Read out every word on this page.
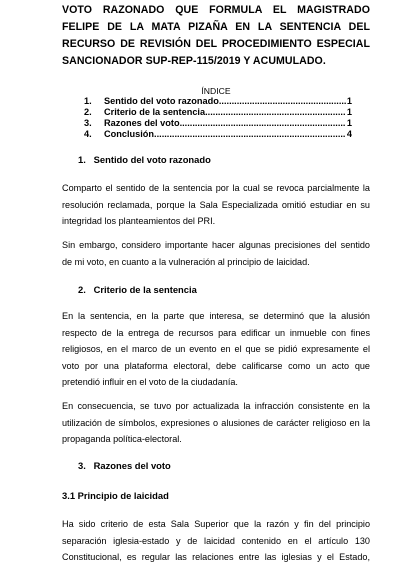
VOTO RAZONADO QUE FORMULA EL MAGISTRADO FELIPE DE LA MATA PIZAÑA EN LA SENTENCIA DEL RECURSO DE REVISIÓN DEL PROCEDIMIENTO ESPECIAL SANCIONADOR SUP-REP-115/2019 Y ACUMULADO.

ÍNDICE

1.	Sentido del voto razonado .....	1
2.	Criterio de la sentencia .....	1
3.	Razones del voto .....	1
4.	Conclusión .....	4

1.   Sentido del voto razonado

Comparto el sentido de la sentencia por la cual se revoca parcialmente la resolución reclamada, porque la Sala Especializada omitió estudiar en su integridad los planteamientos del PRI.

Sin embargo, considero importante hacer algunas precisiones del sentido de mi voto, en cuanto a la vulneración al principio de laicidad.

2.   Criterio de la sentencia

En la sentencia, en la parte que interesa, se determinó que la alusión respecto de la entrega de recursos para edificar un inmueble con fines religiosos, en el marco de un evento en el que se pidió expresamente el voto por una plataforma electoral, debe calificarse como un acto que pretendió influir en el voto de la ciudadanía.

En consecuencia, se tuvo por actualizada la infracción consistente en la utilización de símbolos, expresiones o alusiones de carácter religioso en la propaganda política-electoral.

3.   Razones del voto

3.1 Principio de laicidad

Ha sido criterio de esta Sala Superior que la razón y fin del principio separación iglesia-estado y de laicidad contenido en el artículo 130 Constitucional, es regular las relaciones entre las iglesias y el Estado,
